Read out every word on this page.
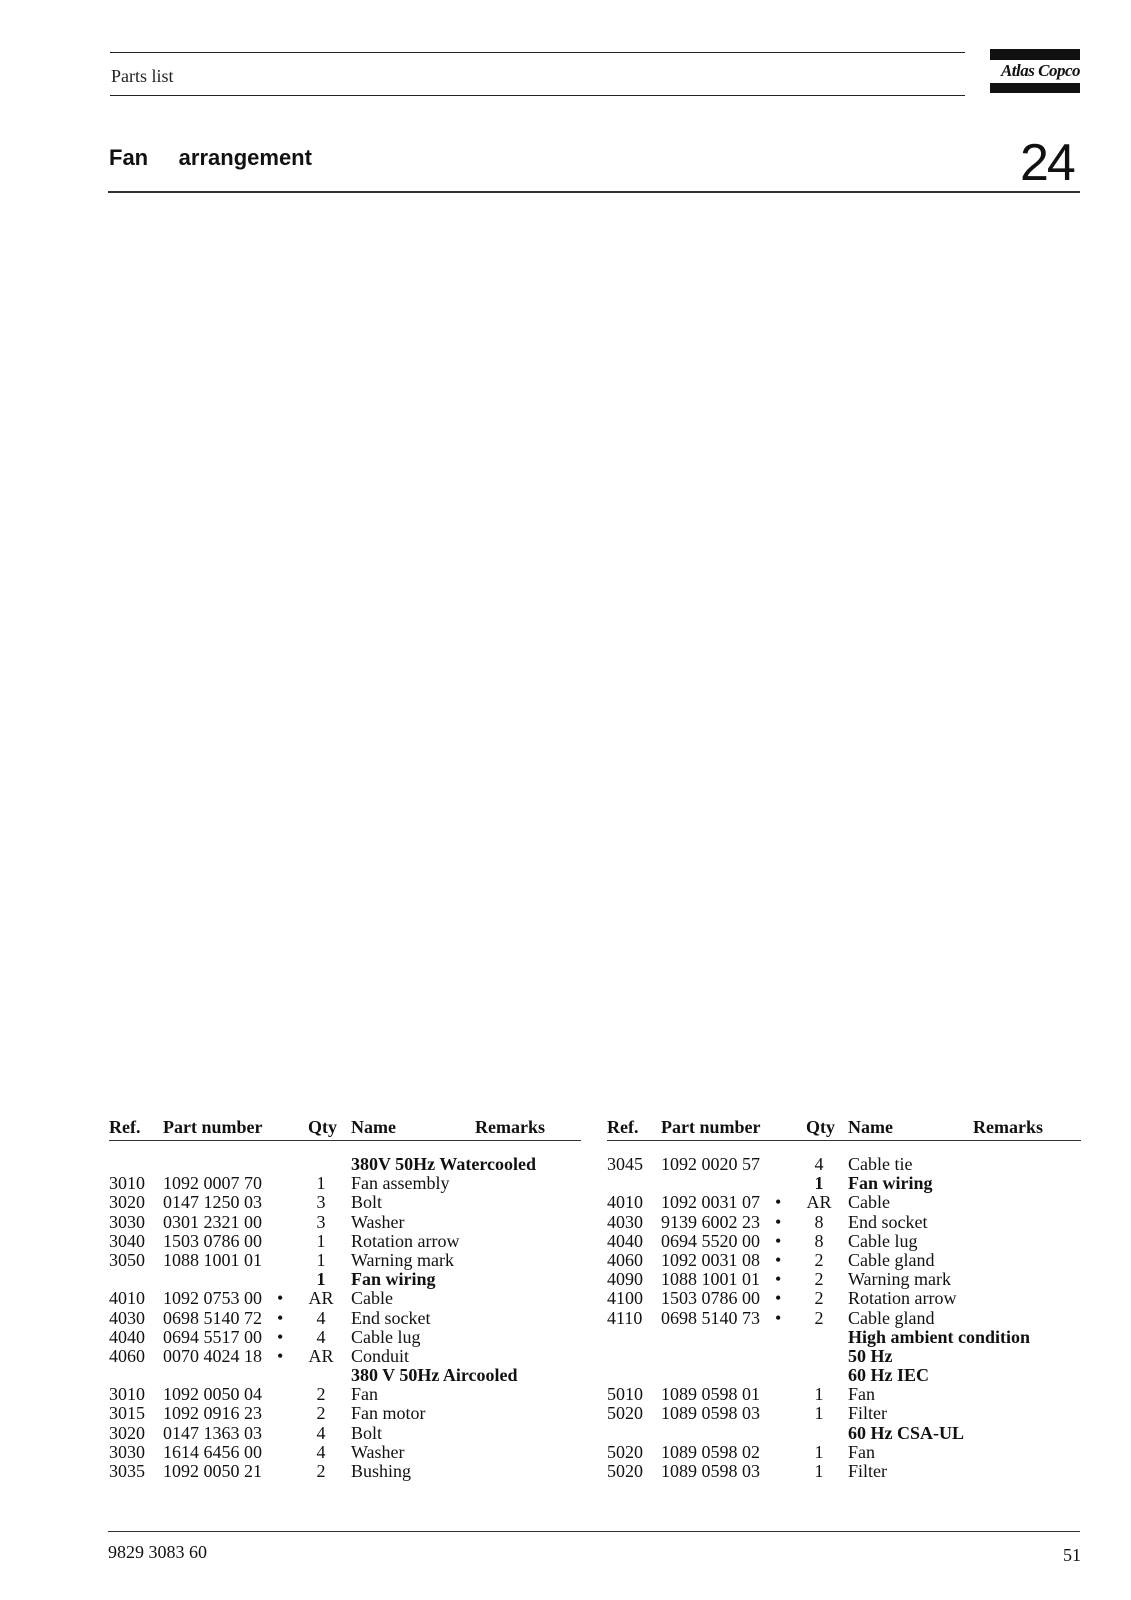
Parts list	Atlas Copco
Fan     arrangement	24
Ref. Part number	Qty Name	Remarks
380V 50Hz Watercooled
3010 1092 0007 70	1	Fan assembly
3020 0147 1250 03	3	Bolt
3030 0301 2321 00	3	Washer
3040 1503 0786 00	1	Rotation arrow
3050 1088 1001 01	1	Warning mark
1	Fan wiring
4010 1092 0753 00 • AR Cable
4030 0698 5140 72 •	4	End socket
4040 0694 5517 00 •	4	Cable lug
4060 0070 4024 18 • AR Conduit
380 V 50Hz Aircooled
3010 1092 0050 04	2	Fan
3015 1092 0916 23	2	Fan motor
3020 0147 1363 03	4	Bolt
3030 1614 6456 00	4	Washer
3035 1092 0050 21	2	Bushing
Ref. Part number	Qty Name	Remarks
3045 1092 0020 57	4	Cable tie
1	Fan wiring
4010 1092 0031 07 • AR Cable
4030 9139 6002 23 •	8	End socket
4040 0694 5520 00 •	8	Cable lug
4060 1092 0031 08 •	2	Cable gland
4090 1088 1001 01 •	2	Warning mark
4100 1503 0786 00 •	2	Rotation arrow
4110 0698 5140 73 •	2	Cable gland
High ambient condition
50 Hz
60 Hz IEC
5010 1089 0598 01	1	Fan
5020 1089 0598 03	1	Filter
60 Hz CSA-UL
5020 1089 0598 02	1	Fan
5020 1089 0598 03	1	Filter
9829 3083 60	51
